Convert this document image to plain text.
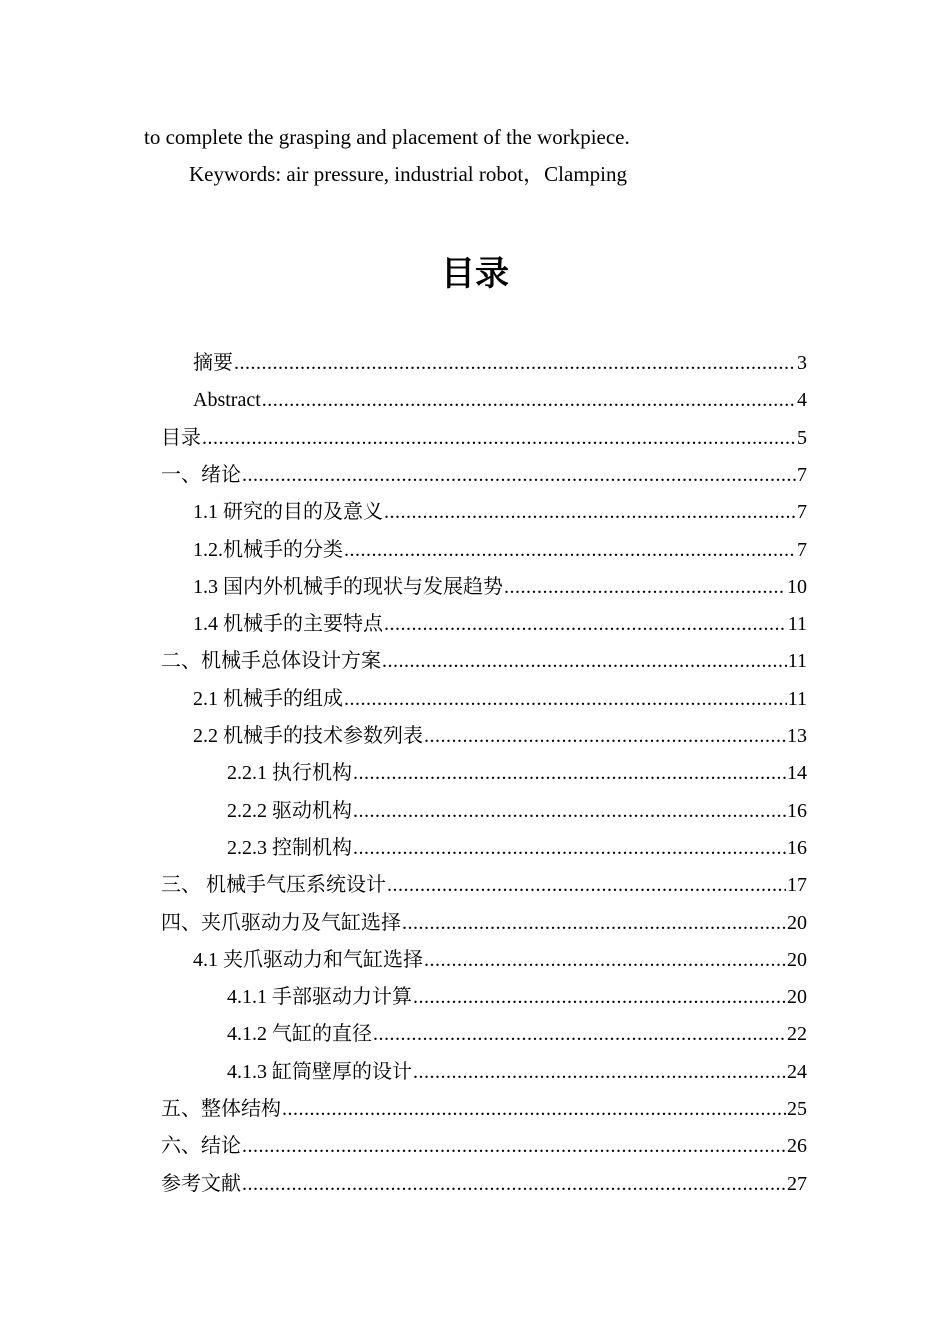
to complete the grasping and placement of the workpiece.
Keywords: air pressure, industrial robot，Clamping
目录
摘要 .....	3
Abstract .....	4
目录 .....	5
一、绪论 .....	7
1.1 研究的目的及意义 .....	7
1.2.机械手的分类 .....	7
1.3 国内外机械手的现状与发展趋势 .....	10
1.4 机械手的主要特点 .....	11
二、机械手总体设计方案 .....	11
2.1 机械手的组成 .....	11
2.2 机械手的技术参数列表 .....	13
2.2.1 执行机构 .....	14
2.2.2 驱动机构 .....	16
2.2.3 控制机构 .....	16
三、 机械手气压系统设计 .....	17
四、夹爪驱动力及气缸选择 .....	20
4.1 夹爪驱动力和气缸选择 .....	20
4.1.1 手部驱动力计算 .....	20
4.1.2 气缸的直径 .....	22
4.1.3 缸筒壁厚的设计 .....	24
五、整体结构 .....	25
六、结论 .....	26
参考文献 .....	27
